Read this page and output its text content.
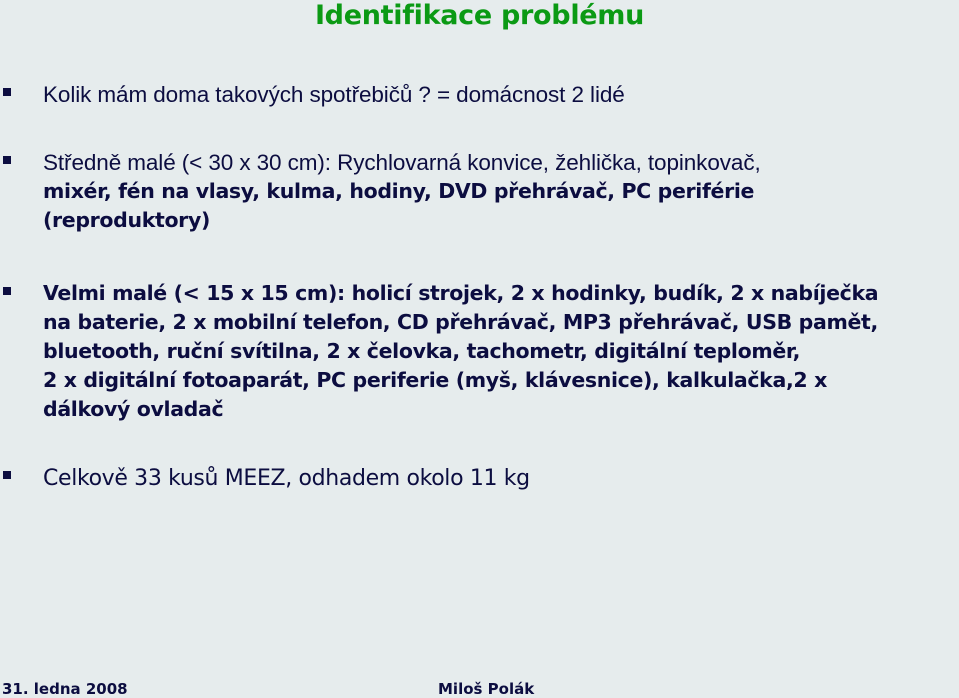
Identifikace problému
Kolik mám doma takových spotřebičů ? = domácnost 2 lidé
Středně malé (< 30 x 30 cm): Rychlovarná konvice, žehlička, topinkovač,
mixér, fén na vlasy, kulma, hodiny, DVD přehrávač, PC periférie
(reproduktory)
Velmi malé (< 15 x 15 cm): holicí strojek, 2 x hodinky, budík, 2 x nabíječka
na baterie, 2 x mobilní telefon, CD přehrávač, MP3 přehrávač, USB pamět,
bluetooth, ruční svítilna, 2 x čelovka, tachometr, digitální teploměr,
2 x digitální fotoaparát, PC periferie (myš, klávesnice), kalkulačka,2 x
dálkový ovladač
Celkově 33 kusů MEEZ, odhadem okolo 11 kg
31. ledna 2008	Miloš Polák
